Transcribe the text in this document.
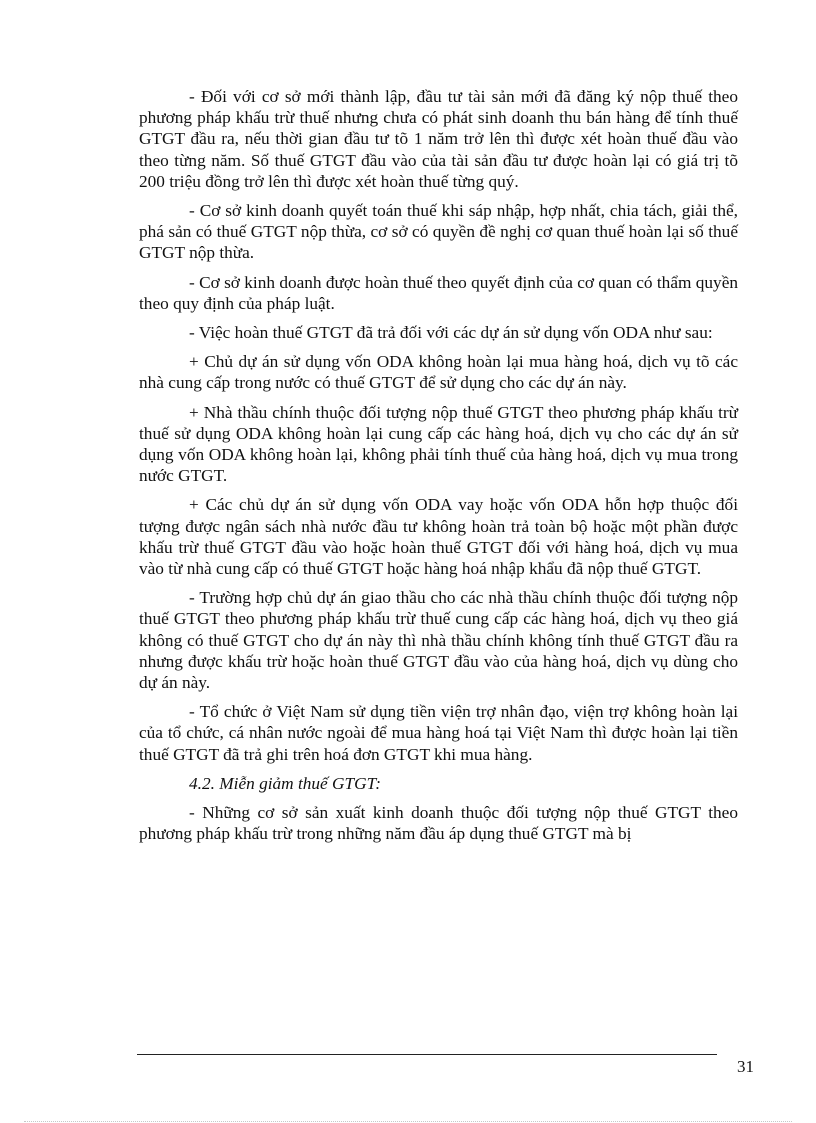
- Đối với cơ sở mới thành lập, đầu tư tài sản mới đã đăng ký nộp thuế theo phương pháp khấu trừ thuế nhưng chưa có phát sinh doanh thu bán hàng để tính thuế GTGT đầu ra, nếu thời gian đầu tư tõ 1 năm trở lên thì được xét hoàn thuế đầu vào theo từng năm. Số thuế GTGT đầu vào của tài sản đầu tư được hoàn lại có giá trị tõ 200 triệu đồng trở lên thì được xét hoàn thuế từng quý.

- Cơ sở kinh doanh quyết toán thuế khi sáp nhập, hợp nhất, chia tách, giải thể, phá sản có thuế GTGT nộp thừa, cơ sở có quyền đề nghị cơ quan thuế hoàn lại số thuế GTGT nộp thừa.

- Cơ sở kinh doanh được hoàn thuế theo quyết định của cơ quan có thẩm quyền theo quy định của pháp luật.

- Việc hoàn thuế GTGT đã trả đối với các dự án sử dụng vốn ODA như sau:

+ Chủ dự án sử dụng vốn ODA không hoàn lại mua hàng hoá, dịch vụ tõ các nhà cung cấp trong nước có thuế GTGT để sử dụng cho các dự án này.

+ Nhà thầu chính thuộc đối tượng nộp thuế GTGT theo phương pháp khấu trừ thuế sử dụng ODA không hoàn lại cung cấp các hàng hoá, dịch vụ cho các dự án sử dụng vốn ODA không hoàn lại, không phải tính thuế của hàng hoá, dịch vụ mua trong nước GTGT.

+ Các chủ dự án sử dụng vốn ODA vay hoặc vốn ODA hỗn hợp thuộc đối tượng được ngân sách nhà nước đầu tư không hoàn trả toàn bộ hoặc một phần được khấu trừ thuế GTGT đầu vào hoặc hoàn thuế GTGT đối với hàng hoá, dịch vụ mua vào từ nhà cung cấp có thuế GTGT hoặc hàng hoá nhập khẩu đã nộp thuế GTGT.

- Trường hợp chủ dự án giao thầu cho các nhà thầu chính thuộc đối tượng nộp thuế GTGT theo phương pháp khấu trừ thuế cung cấp các hàng hoá, dịch vụ theo giá không có thuế GTGT cho dự án này thì nhà thầu chính không tính thuế GTGT đầu ra nhưng được khấu trừ hoặc hoàn thuế GTGT đầu vào của hàng hoá, dịch vụ dùng cho dự án này.

- Tổ chức ở Việt Nam sử dụng tiền viện trợ nhân đạo, viện trợ không hoàn lại của tổ chức, cá nhân nước ngoài để mua hàng hoá tại Việt Nam thì được hoàn lại tiền thuế GTGT đã trả ghi trên hoá đơn GTGT khi mua hàng.

4.2. Miễn giảm thuế GTGT:

- Những cơ sở sản xuất kinh doanh thuộc đối tượng nộp thuế GTGT theo phương pháp khấu trừ trong những năm đầu áp dụng thuế GTGT mà bị

31
